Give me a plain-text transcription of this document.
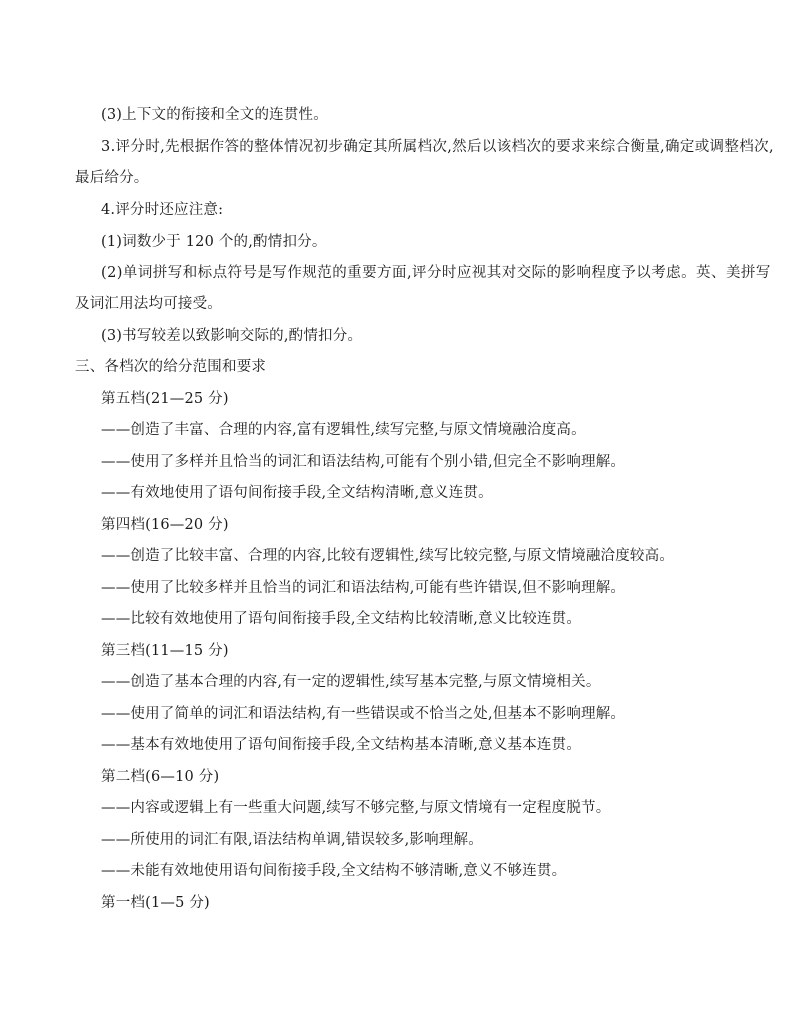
(3)上下文的衔接和全文的连贯性。
3.评分时,先根据作答的整体情况初步确定其所属档次,然后以该档次的要求来综合衡量,确定或调整档次,
最后给分。
4.评分时还应注意:
(1)词数少于 120 个的,酌情扣分。
(2)单词拼写和标点符号是写作规范的重要方面,评分时应视其对交际的影响程度予以考虑。英、美拼写
及词汇用法均可接受。
(3)书写较差以致影响交际的,酌情扣分。
三、各档次的给分范围和要求
第五档(21—25 分)
——创造了丰富、合理的内容,富有逻辑性,续写完整,与原文情境融洽度高。
——使用了多样并且恰当的词汇和语法结构,可能有个别小错,但完全不影响理解。
——有效地使用了语句间衔接手段,全文结构清晰,意义连贯。
第四档(16—20 分)
——创造了比较丰富、合理的内容,比较有逻辑性,续写比较完整,与原文情境融洽度较高。
——使用了比较多样并且恰当的词汇和语法结构,可能有些许错误,但不影响理解。
——比较有效地使用了语句间衔接手段,全文结构比较清晰,意义比较连贯。
第三档(11—15 分)
——创造了基本合理的内容,有一定的逻辑性,续写基本完整,与原文情境相关。
——使用了简单的词汇和语法结构,有一些错误或不恰当之处,但基本不影响理解。
——基本有效地使用了语句间衔接手段,全文结构基本清晰,意义基本连贯。
第二档(6—10 分)
——内容或逻辑上有一些重大问题,续写不够完整,与原文情境有一定程度脱节。
——所使用的词汇有限,语法结构单调,错误较多,影响理解。
——未能有效地使用语句间衔接手段,全文结构不够清晰,意义不够连贯。
第一档(1—5 分)
